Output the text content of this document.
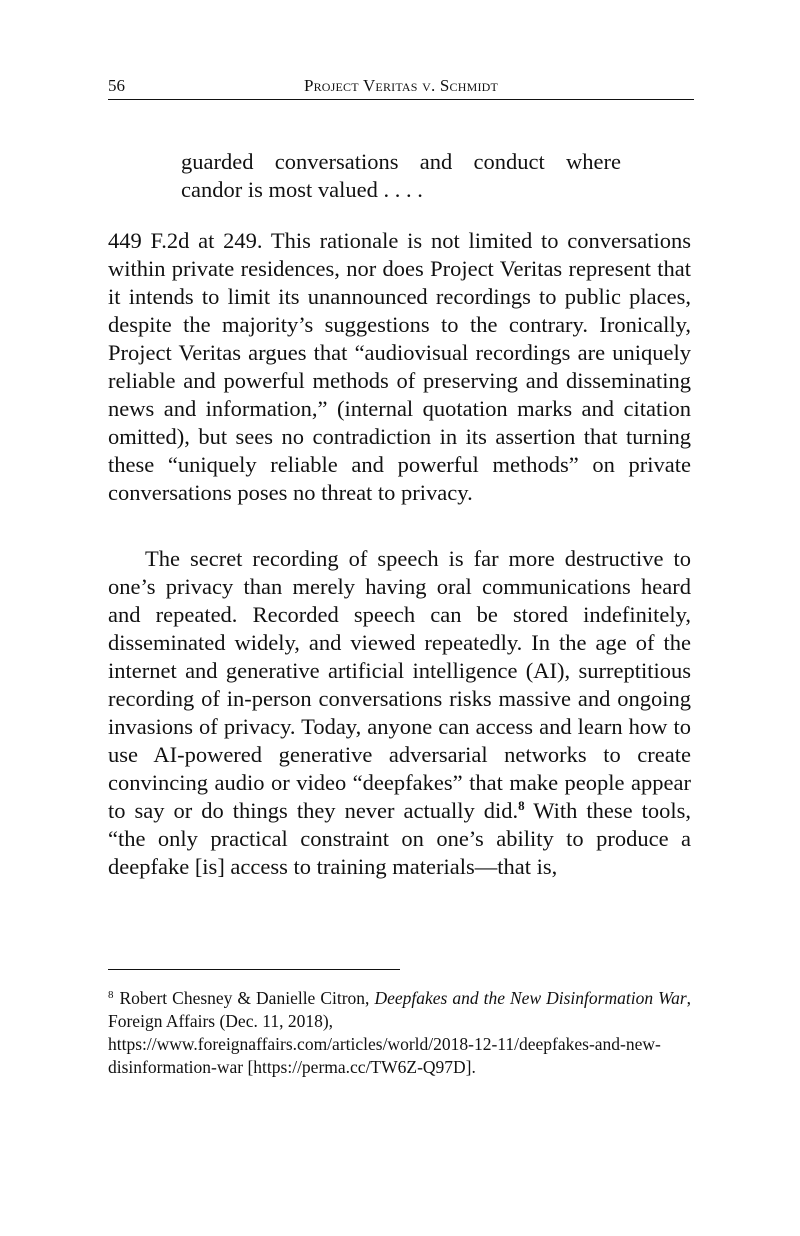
56	Project Veritas v. Schmidt
guarded conversations and conduct where
candor is most valued . . . .

449 F.2d at 249. This rationale is not limited to conversations within private residences, nor does Project Veritas represent that it intends to limit its unannounced recordings to public places, despite the majority’s suggestions to the contrary. Ironically, Project Veritas argues that “audiovisual recordings are uniquely reliable and powerful methods of preserving and disseminating news and information,” (internal quotation marks and citation omitted), but sees no contradiction in its assertion that turning these “uniquely reliable and powerful methods” on private conversations poses no threat to privacy.

The secret recording of speech is far more destructive to one’s privacy than merely having oral communications heard and repeated. Recorded speech can be stored indefinitely, disseminated widely, and viewed repeatedly. In the age of the internet and generative artificial intelligence (AI), surreptitious recording of in-person conversations risks massive and ongoing invasions of privacy. Today, anyone can access and learn how to use AI-powered generative adversarial networks to create convincing audio or video “deepfakes” that make people appear to say or do things they never actually did.$^8$ With these tools, “the only practical constraint on one’s ability to produce a deepfake [is] access to training materials—that is,

$^8$ Robert Chesney & Danielle Citron, Deepfakes and the New Disinformation War, Foreign Affairs (Dec. 11, 2018),
https://www.foreignaffairs.com/articles/world/2018-12-11/deepfakes-and-new-disinformation-war [https://perma.cc/TW6Z-Q97D].
